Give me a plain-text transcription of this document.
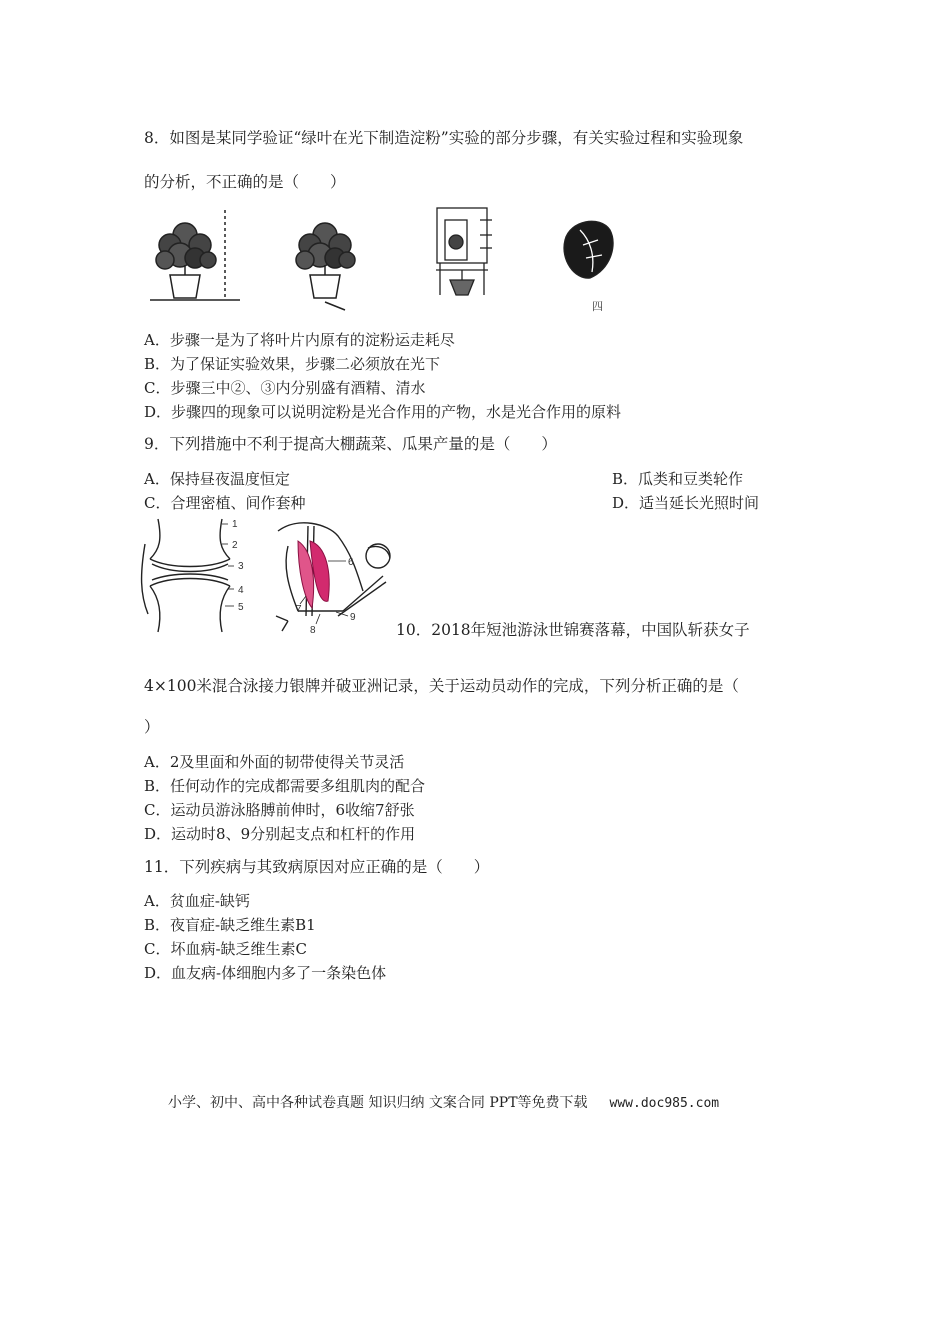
8．如图是某同学验证“绿叶在光下制造淀粉”实验的部分步骤，有关实验过程和实验现象
的分析，不正确的是（　　）
四
A．步骤一是为了将叶片内原有的淀粉运走耗尽
B．为了保证实验效果，步骤二必须放在光下
C．步骤三中②、③内分别盛有酒精、清水
D．步骤四的现象可以说明淀粉是光合作用的产物，水是光合作用的原料
9．下列措施中不利于提高大棚蔬菜、瓜果产量的是（　　）
A．保持昼夜温度恒定	B．瓜类和豆类轮作
C．合理密植、间作套种	D．适当延长光照时间
1
2
3
4
5
6
7
8
9
10．2018年短池游泳世锦赛落幕，中国队斩获女子
4×100米混合泳接力银牌并破亚洲记录，关于运动员动作的完成，下列分析正确的是（
）
A．2及里面和外面的韧带使得关节灵活
B．任何动作的完成都需要多组肌肉的配合
C．运动员游泳胳膊前伸时，6收缩7舒张
D．运动时8、9分别起支点和杠杆的作用
11．下列疾病与其致病原因对应正确的是（　　）
A．贫血症-缺钙
B．夜盲症-缺乏维生素B1
C．坏血病-缺乏维生素C
D．血友病-体细胞内多了一条染色体
小学、初中、高中各种试卷真题 知识归纳 文案合同 PPT等免费下载 www.doc985.com
